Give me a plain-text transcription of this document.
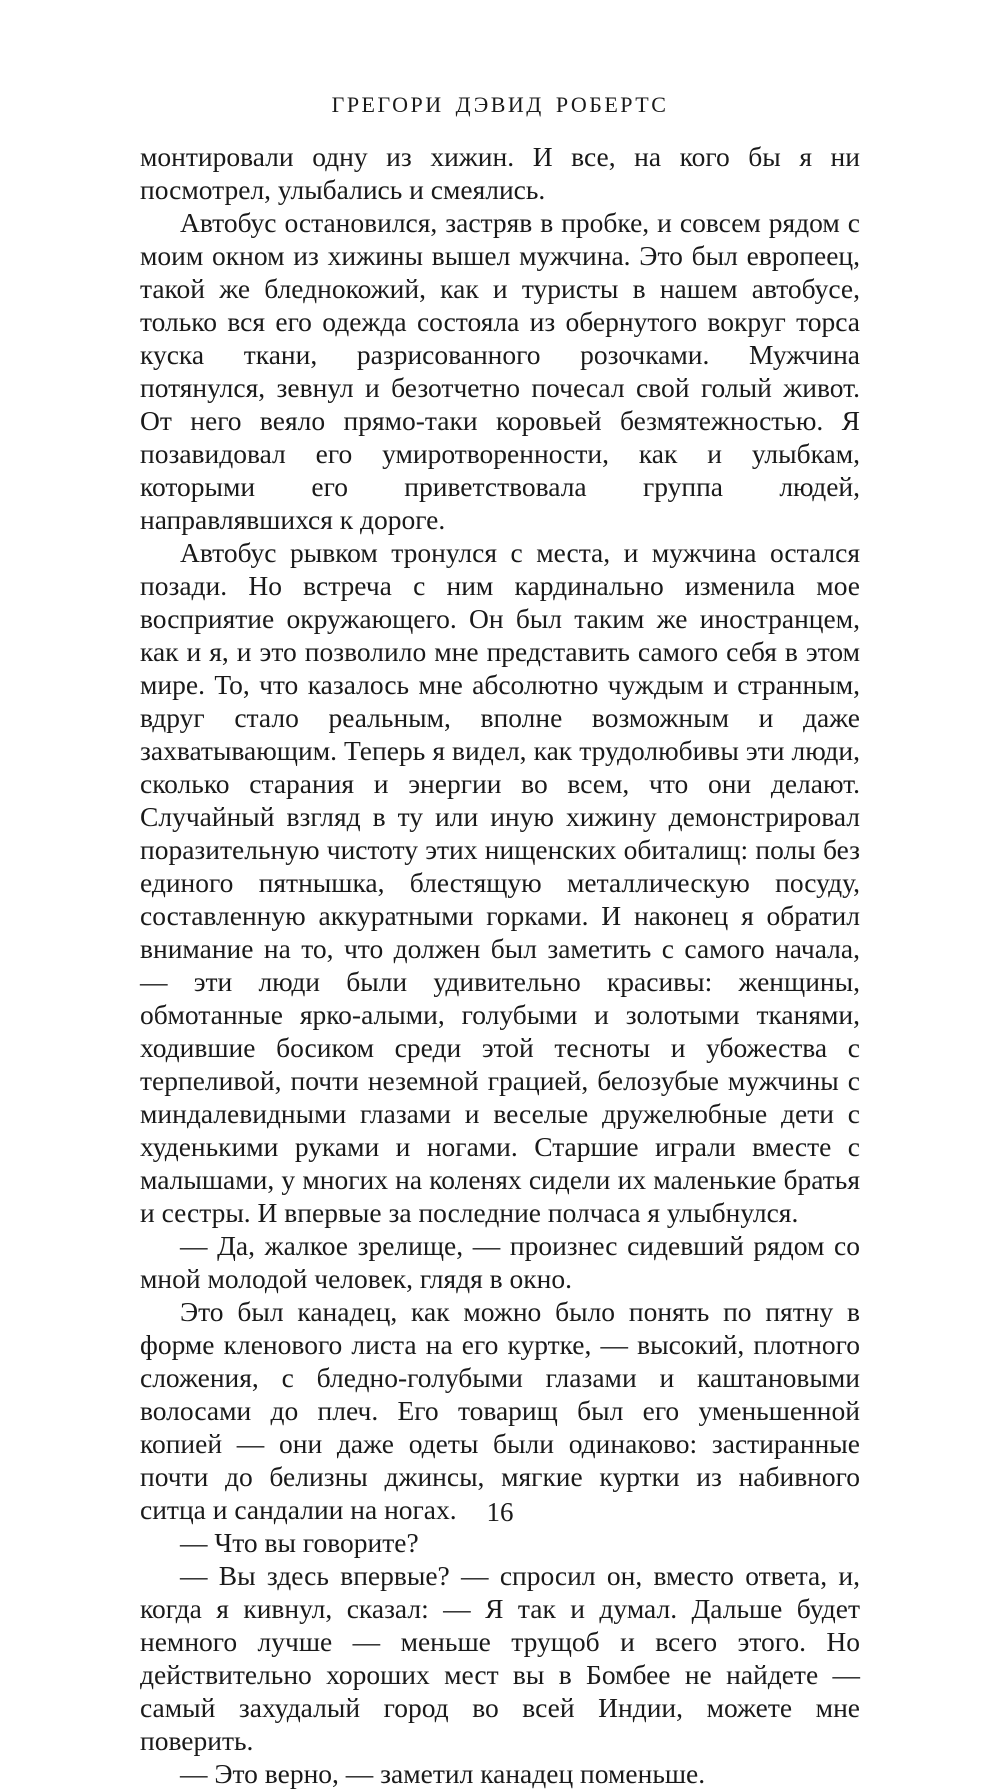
ГРЕГОРИ ДЭВИД РОБЕРТС

монтировали одну из хижин. И все, на кого бы я ни посмотрел, улыбались и смеялись.

Автобус остановился, застряв в пробке, и совсем рядом с моим окном из хижины вышел мужчина. Это был европеец, такой же бледнокожий, как и туристы в нашем автобусе, только вся его одежда состояла из обернутого вокруг торса куска ткани, разрисованного розочками. Мужчина потянулся, зевнул и безотчетно почесал свой голый живот. От него веяло прямо-таки коровьей безмятежностью. Я позавидовал его умиротворенности, как и улыбкам, которыми его приветствовала группа людей, направлявшихся к дороге.

Автобус рывком тронулся с места, и мужчина остался позади. Но встреча с ним кардинально изменила мое восприятие окружающего. Он был таким же иностранцем, как и я, и это позволило мне представить самого себя в этом мире. То, что казалось мне абсолютно чуждым и странным, вдруг стало реальным, вполне возможным и даже захватывающим. Теперь я видел, как трудолюбивы эти люди, сколько старания и энергии во всем, что они делают. Случайный взгляд в ту или иную хижину демонстрировал поразительную чистоту этих нищенских обиталищ: полы без единого пятнышка, блестящую металлическую посуду, составленную аккуратными горками. И наконец я обратил внимание на то, что должен был заметить с самого начала, — эти люди были удивительно красивы: женщины, обмотанные ярко-алыми, голубыми и золотыми тканями, ходившие босиком среди этой тесноты и убожества с терпеливой, почти неземной грацией, белозубые мужчины с миндалевидными глазами и веселые дружелюбные дети с худенькими руками и ногами. Старшие играли вместе с малышами, у многих на коленях сидели их маленькие братья и сестры. И впервые за последние полчаса я улыбнулся.

— Да, жалкое зрелище, — произнес сидевший рядом со мной молодой человек, глядя в окно.

Это был канадец, как можно было понять по пятну в форме кленового листа на его куртке, — высокий, плотного сложения, с бледно-голубыми глазами и каштановыми волосами до плеч. Его товарищ был его уменьшенной копией — они даже одеты были одинаково: застиранные почти до белизны джинсы, мягкие куртки из набивного ситца и сандалии на ногах.

— Что вы говорите?

— Вы здесь впервые? — спросил он, вместо ответа, и, когда я кивнул, сказал: — Я так и думал. Дальше будет немного лучше — меньше трущоб и всего этого. Но действительно хороших мест вы в Бомбее не найдете — самый захудалый город во всей Индии, можете мне поверить.

— Это верно, — заметил канадец поменьше.

16
